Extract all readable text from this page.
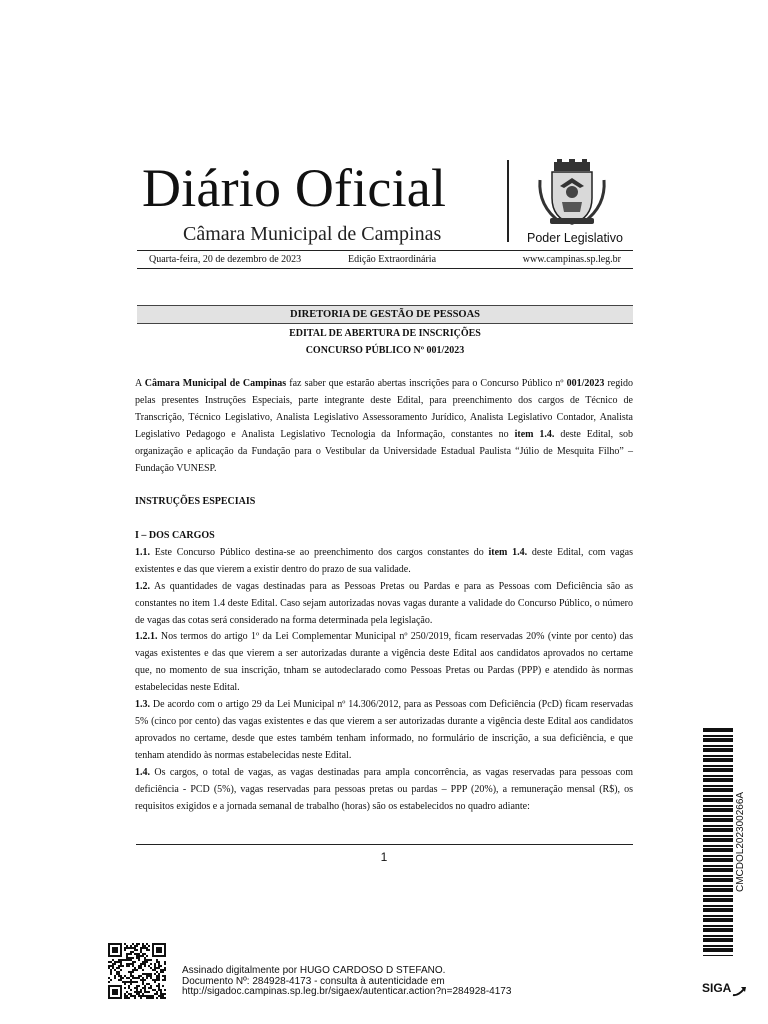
Diário Oficial
Câmara Municipal de Campinas	Poder Legislativo
Quarta-feira, 20 de dezembro de 2023	Edição Extraordinária	www.campinas.sp.leg.br
DIRETORIA DE GESTÃO DE PESSOAS
EDITAL DE ABERTURA DE INSCRIÇÕES
CONCURSO PÚBLICO Nº 001/2023
A Câmara Municipal de Campinas faz saber que estarão abertas inscrições para o Concurso Público nº 001/2023 regido pelas presentes Instruções Especiais, parte integrante deste Edital, para preenchimento dos cargos de Técnico de Transcrição, Técnico Legislativo, Analista Legislativo Assessoramento Jurídico, Analista Legislativo Contador, Analista Legislativo Pedagogo e Analista Legislativo Tecnologia da Informação, constantes no item 1.4. deste Edital, sob organização e aplicação da Fundação para o Vestibular da Universidade Estadual Paulista “Júlio de Mesquita Filho” – Fundação VUNESP.
INSTRUÇÕES ESPECIAIS
I – DOS CARGOS
1.1. Este Concurso Público destina-se ao preenchimento dos cargos constantes do item 1.4. deste Edital, com vagas existentes e das que vierem a existir dentro do prazo de sua validade.
1.2. As quantidades de vagas destinadas para as Pessoas Pretas ou Pardas e para as Pessoas com Deficiência são as constantes no item 1.4 deste Edital. Caso sejam autorizadas novas vagas durante a validade do Concurso Público, o número de vagas das cotas será considerado na forma determinada pela legislação.
1.2.1. Nos termos do artigo 1º da Lei Complementar Municipal nº 250/2019, ficam reservadas 20% (vinte por cento) das vagas existentes e das que vierem a ser autorizadas durante a vigência deste Edital aos candidatos aprovados no certame que, no momento de sua inscrição, tnham se autodeclarado como Pessoas Pretas ou Pardas (PPP) e atendido às normas estabelecidas neste Edital.
1.3. De acordo com o artigo 29 da Lei Municipal nº 14.306/2012, para as Pessoas com Deficiência (PcD) ficam reservadas 5% (cinco por cento) das vagas existentes e das que vierem a ser autorizadas durante a vigência deste Edital aos candidatos aprovados no certame, desde que estes também tenham informado, no formulário de inscrição, a sua deficiência, e que tenham atendido às normas estabelecidas neste Edital.
1.4. Os cargos, o total de vagas, as vagas destinadas para ampla concorrência, as vagas reservadas para pessoas com deficiência - PCD (5%), vagas reservadas para pessoas pretas ou pardas – PPP (20%), a remuneração mensal (R$), os requisitos exigidos e a jornada semanal de trabalho (horas) são os estabelecidos no quadro adiante:
1	CMCDOL202300266A
Assinado digitalmente por HUGO CARDOSO D STEFANO.
Documento Nº: 284928-4173 - consulta à autenticidade em
http://sigadoc.campinas.sp.leg.br/sigaex/autenticar.action?n=284928-4173	SIGA
